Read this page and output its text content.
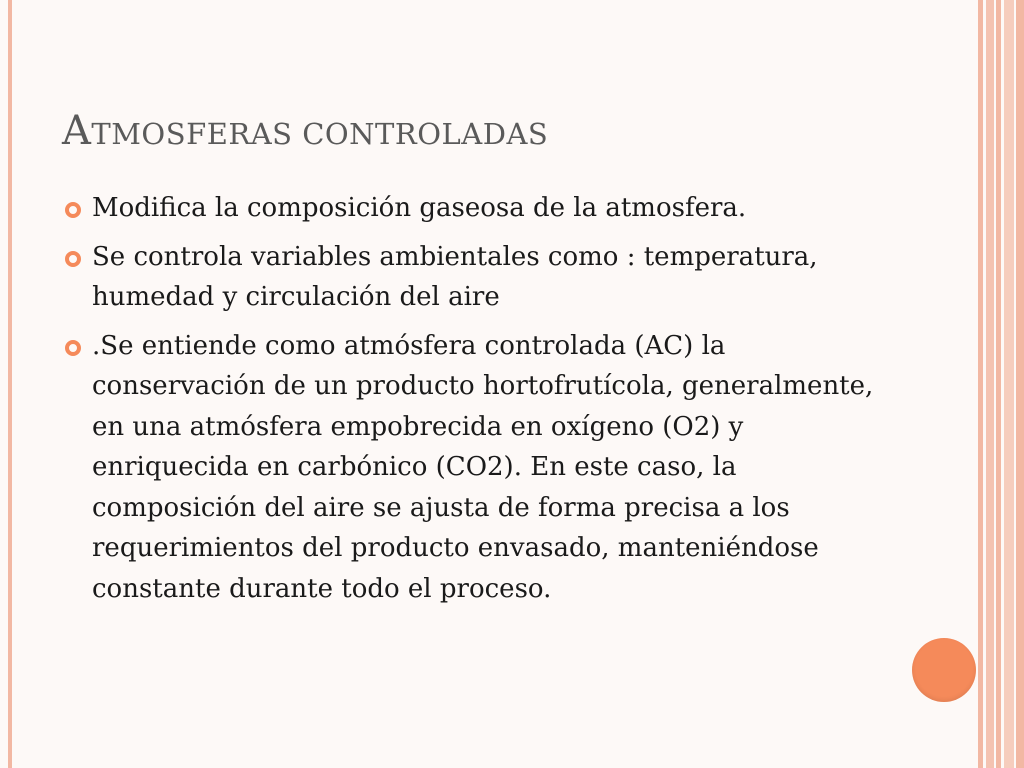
ATMOSFERAS CONTROLADAS
Modifica la composición gaseosa de la atmosfera.
Se controla variables ambientales como : temperatura, humedad y circulación del aire
.Se entiende como atmósfera controlada (AC) la conservación de un producto hortofrutícola, generalmente, en una atmósfera empobrecida en oxígeno (O2) y enriquecida en carbónico (CO2). En este caso, la composición del aire se ajusta de forma precisa a los requerimientos del producto envasado, manteniéndose constante durante todo el proceso.
